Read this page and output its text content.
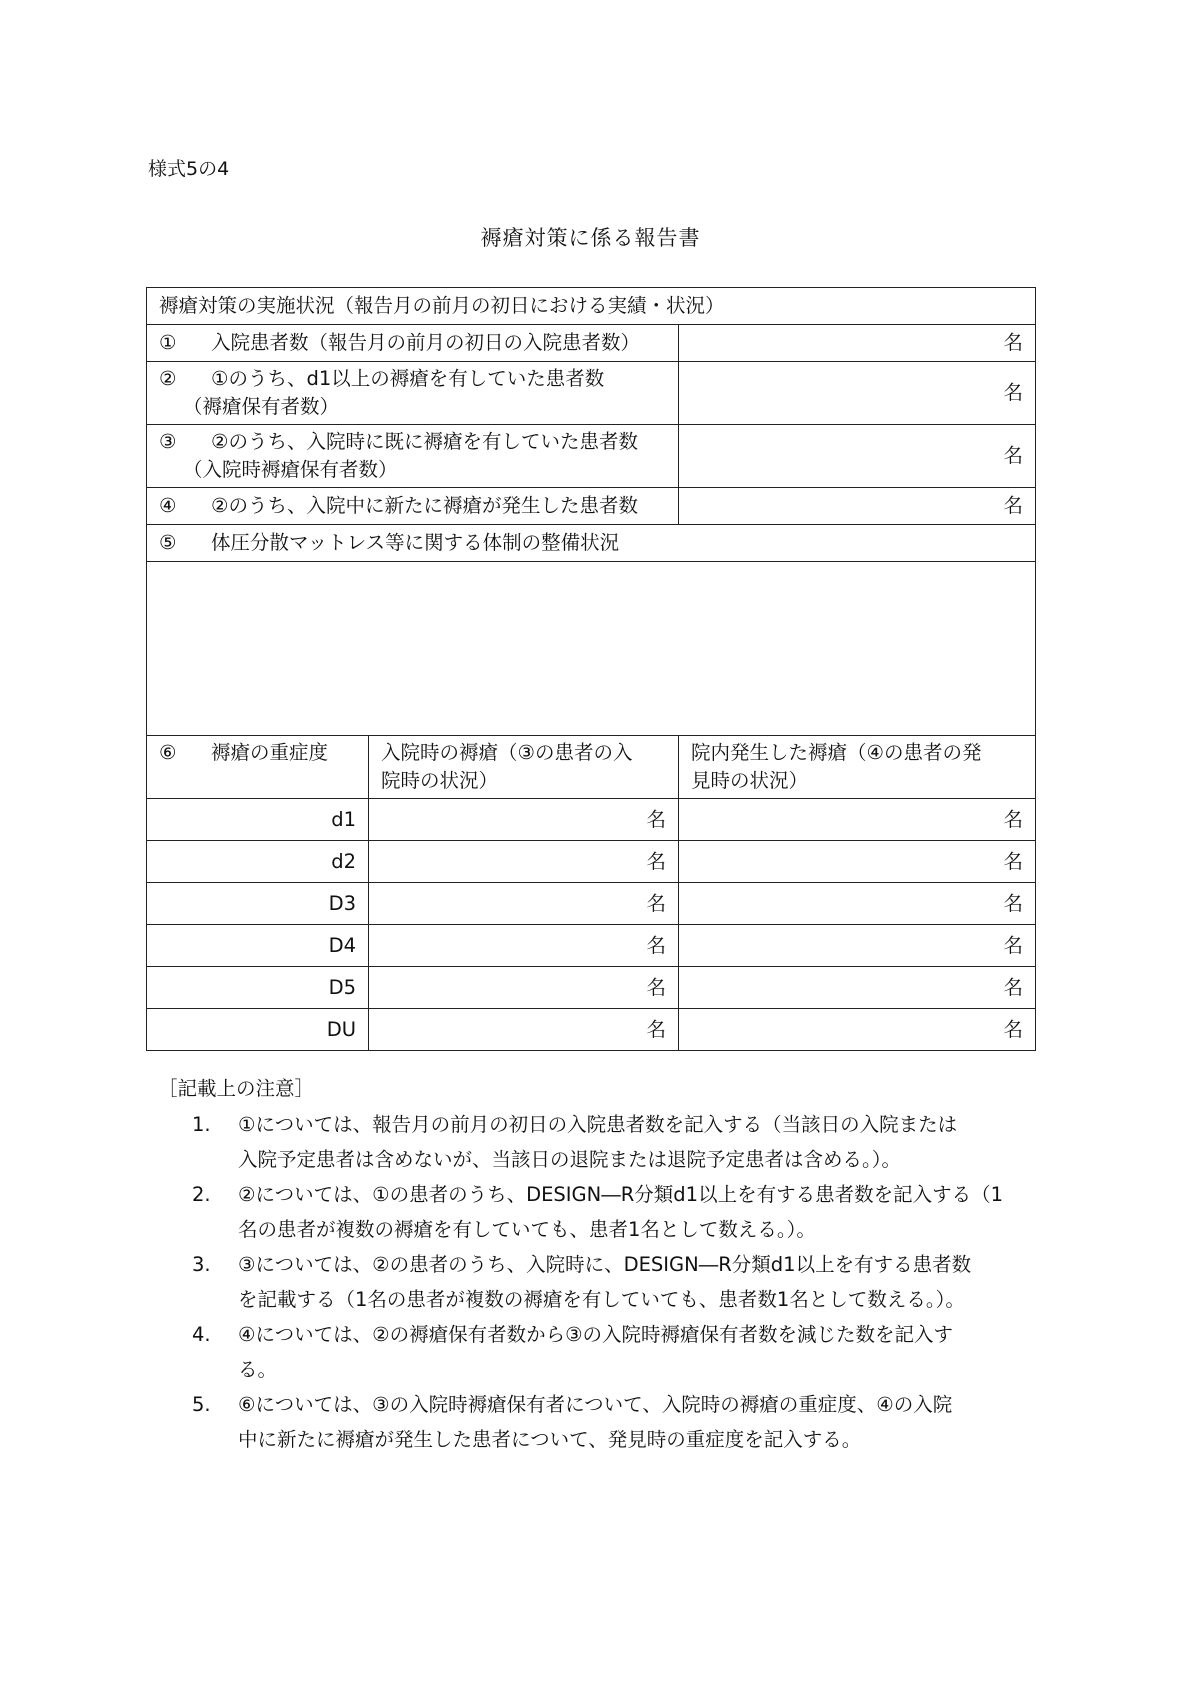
様式5の4
褥瘡対策に係る報告書
褥瘡対策の実施状況（報告月の前月の初日における実績・状況）		
① 入院患者数（報告月の前月の初日の入院患者数）		名
② ①のうち、d1以上の褥瘡を有していた患者数
（褥瘡保有者数）		名
③ ②のうち、入院時に既に褥瘡を有していた患者数
（入院時褥瘡保有者数）		名
④ ②のうち、入院中に新たに褥瘡が発生した患者数		名
⑤ 体圧分散マットレス等に関する体制の整備状況		

⑥ 褥瘡の重症度	入院時の褥瘡（③の患者の入
院時の状況）	院内発生した褥瘡（④の患者の発
見時の状況）
d1	名	名
d2	名	名
D3	名	名
D4	名	名
D5	名	名
DU	名	名
［記載上の注意］
1. ①については、報告月の前月の初日の入院患者数を記入する（当該日の入院または
入院予定患者は含めないが、当該日の退院または退院予定患者は含める。）。
2. ②については、①の患者のうち、DESIGN―R分類d1以上を有する患者数を記入する（1
名の患者が複数の褥瘡を有していても、患者1名として数える。）。
3. ③については、②の患者のうち、入院時に、DESIGN―R分類d1以上を有する患者数
を記載する（1名の患者が複数の褥瘡を有していても、患者数1名として数える。）。
4. ④については、②の褥瘡保有者数から③の入院時褥瘡保有者数を減じた数を記入す
る。
5. ⑥については、③の入院時褥瘡保有者について、入院時の褥瘡の重症度、④の入院
中に新たに褥瘡が発生した患者について、発見時の重症度を記入する。
